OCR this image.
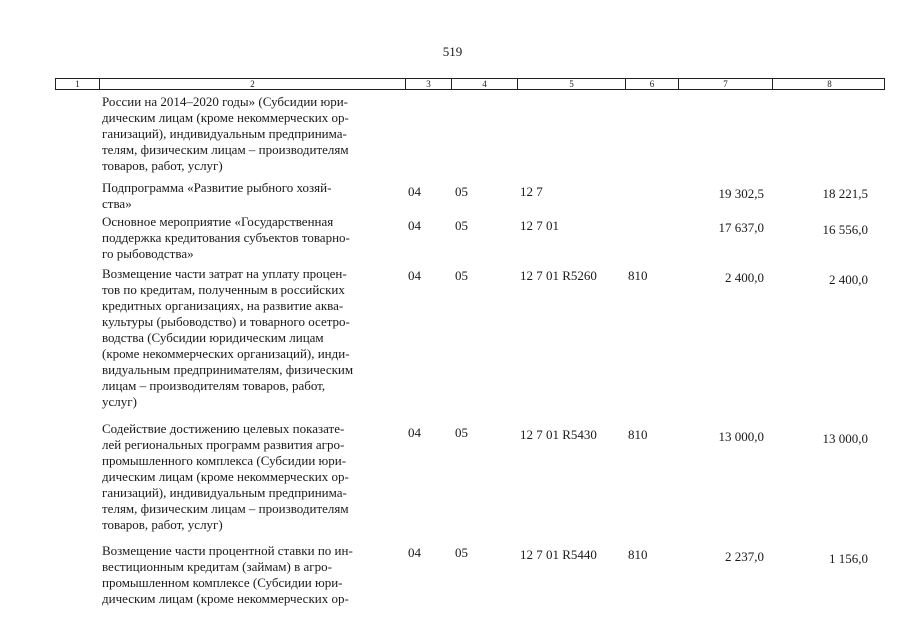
519
1	2	3	4	5	6	7	8
России на 2014–2020 годы» (Субсидии юри-
дическим лицам (кроме некоммерческих ор-
ганизаций), индивидуальным предпринима-
телям, физическим лицам – производителям
товаров, работ, услуг)
Подпрограмма «Развитие рыбного хозяй-
ства»
04	05	12 7	19 302,5	18 221,5
Основное мероприятие «Государственная
поддержка кредитования субъектов товарно-
го рыбоводства»
04	05	12 7 01	17 637,0	16 556,0
Возмещение части затрат на уплату процен-
тов по кредитам, полученным в российских
кредитных организациях, на развитие аква-
культуры (рыбоводство) и товарного осетро-
водства (Субсидии юридическим лицам
(кроме некоммерческих организаций), инди-
видуальным предпринимателям, физическим
лицам – производителям товаров, работ,
услуг)
04	05	12 7 01 R5260 810	2 400,0	2 400,0
Содействие достижению целевых показате-
лей региональных программ развития агро-
промышленного комплекса (Субсидии юри-
дическим лицам (кроме некоммерческих ор-
ганизаций), индивидуальным предпринима-
телям, физическим лицам – производителям
товаров, работ, услуг)
04	05	12 7 01 R5430 810	13 000,0	13 000,0
Возмещение части процентной ставки по ин-
вестиционным кредитам (займам) в агро-
промышленном комплексе (Субсидии юри-
дическим лицам (кроме некоммерческих ор-
04	05	12 7 01 R5440 810	2 237,0	1 156,0
